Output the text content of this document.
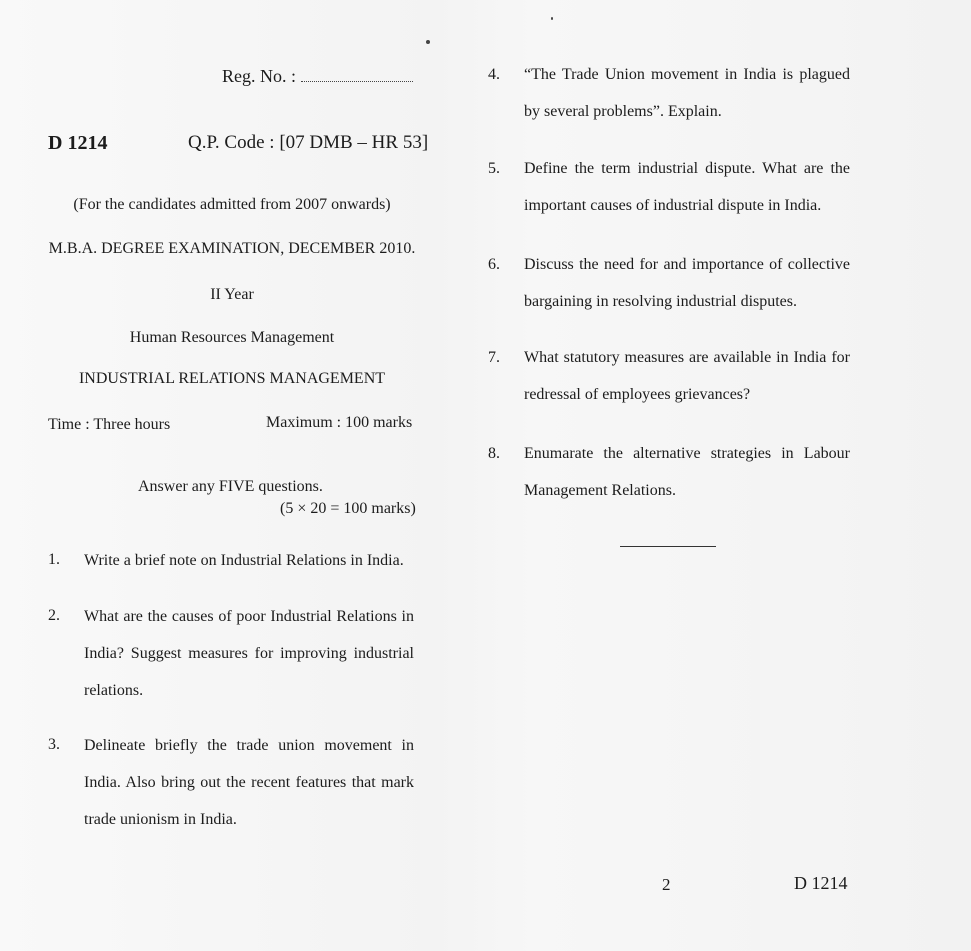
Reg. No. :
D 1214	Q.P. Code : [07 DMB – HR 53]
(For the candidates admitted from 2007 onwards)
M.B.A. DEGREE EXAMINATION, DECEMBER 2010.
II Year
Human Resources Management
INDUSTRIAL RELATIONS MANAGEMENT
Time : Three hours	Maximum : 100 marks
Answer any FIVE questions.
(5 × 20 = 100 marks)
1.	Write a brief note on Industrial Relations in India.
2.	What are the causes of poor Industrial Relations in India? Suggest measures for improving industrial relations.
3.	Delineate briefly the trade union movement in India. Also bring out the recent features that mark trade unionism in India.
4.	“The Trade Union movement in India is plagued by several problems”. Explain.
5.	Define the term industrial dispute. What are the important causes of industrial dispute in India.
6.	Discuss the need for and importance of collective bargaining in resolving industrial disputes.
7.	What statutory measures are available in India for redressal of employees grievances?
8.	Enumarate the alternative strategies in Labour Management Relations.
2	D 1214
